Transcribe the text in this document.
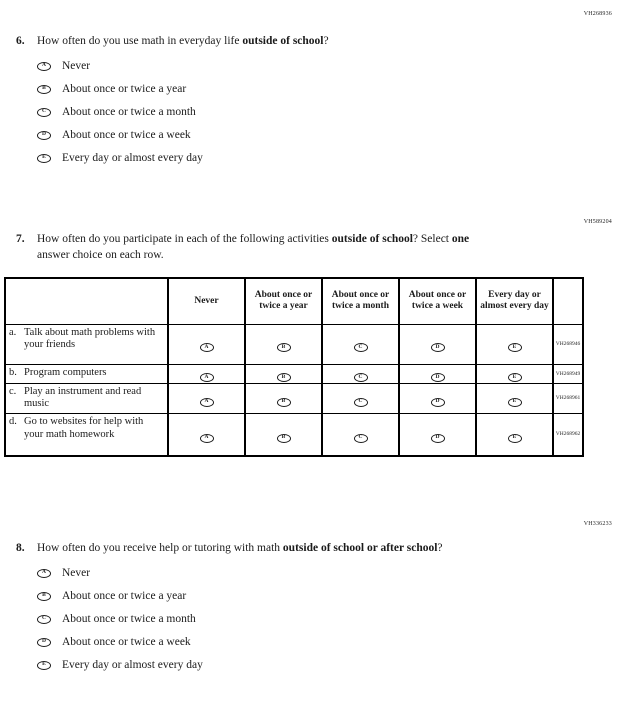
VH268936
VH589204
VH336233
6.	How often do you use math in everyday life outside of school?
A	Never
B	About once or twice a year
C	About once or twice a month
D	About once or twice a week
E	Every day or almost every day
7.	How often do you participate in each of the following activities outside of school? Select one answer choice on each row.
	Never	About once or twice a year	About once or twice a month	About once or twice a week	Every day or almost every day	

a. Talk about math problems with your friends	A	B	C	D	E	VH268946

b. Program computers	A	B	C	D	E	VH268949

c. Play an instrument and read music	A	B	C	D	E	VH268961

d. Go to websites for help with your math homework	A	B	C	D	E	VH268962
8.	How often do you receive help or tutoring with math outside of school or after school?
A	Never
B	About once or twice a year
C	About once or twice a month
D	About once or twice a week
E	Every day or almost every day
